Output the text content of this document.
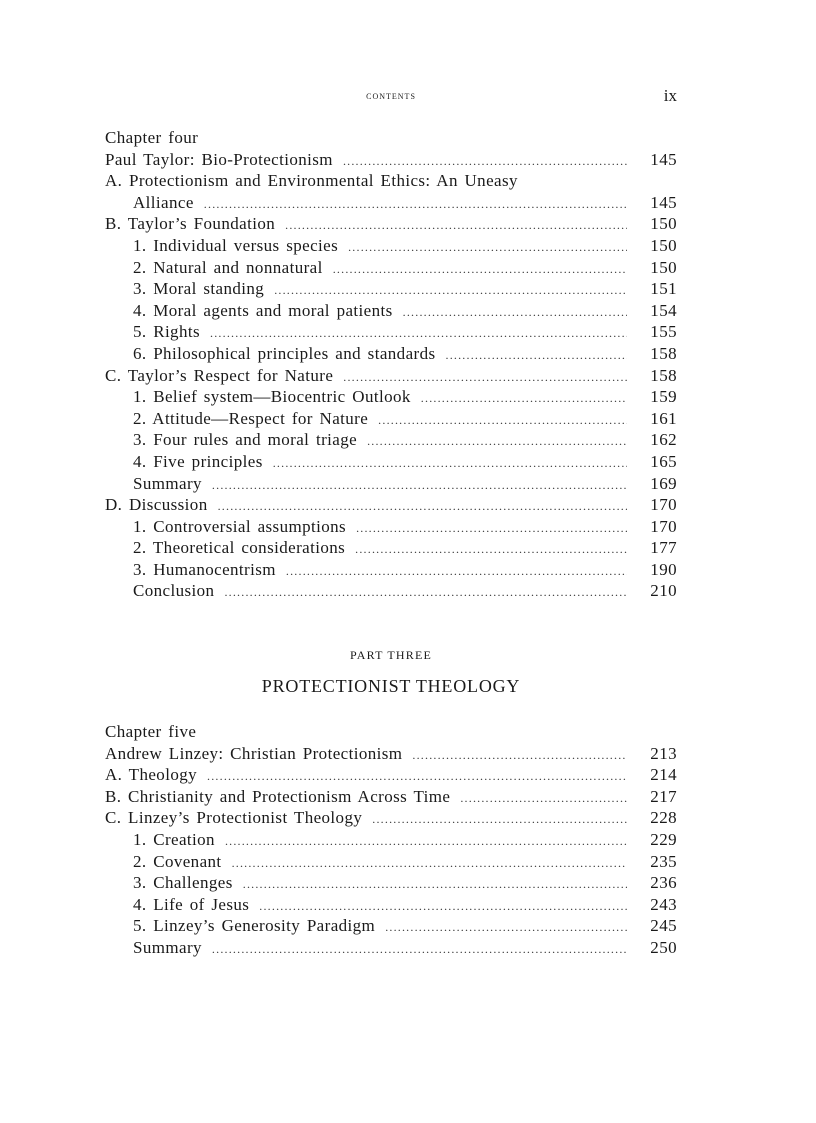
contents	ix
Chapter four
Paul Taylor: Bio-Protectionism .....	145
A. Protectionism and Environmental Ethics: An Uneasy
Alliance .....	145
B. Taylor’s Foundation .....	150
1. Individual versus species .....	150
2. Natural and nonnatural .....	150
3. Moral standing .....	151
4. Moral agents and moral patients .....	154
5. Rights .....	155
6. Philosophical principles and standards .....	158
C. Taylor’s Respect for Nature .....	158
1. Belief system—Biocentric Outlook .....	159
2. Attitude—Respect for Nature .....	161
3. Four rules and moral triage .....	162
4. Five principles .....	165
Summary .....	169
D. Discussion .....	170
1. Controversial assumptions .....	170
2. Theoretical considerations .....	177
3. Humanocentrism .....	190
Conclusion .....	210
PART THREE
PROTECTIONIST THEOLOGY
Chapter five
Andrew Linzey: Christian Protectionism .....	213
A. Theology .....	214
B. Christianity and Protectionism Across Time .....	217
C. Linzey’s Protectionist Theology .....	228
1. Creation .....	229
2. Covenant .....	235
3. Challenges .....	236
4. Life of Jesus .....	243
5. Linzey’s Generosity Paradigm .....	245
Summary .....	250
